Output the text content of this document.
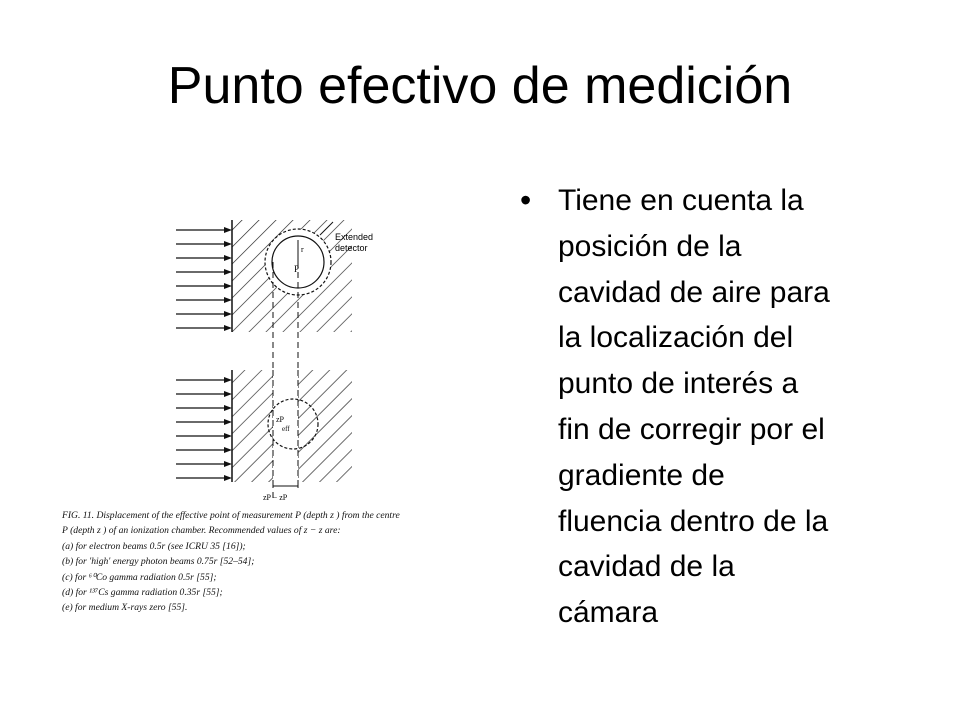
Punto efectivo de medición
Extended
detector
r
P
zP
eff
zP − zP
FIG. 11. Displacement of the effective point of measurement P (depth z ) from the centre
P (depth z ) of an ionization chamber. Recommended values of z − z are:
(a) for electron beams 0.5r (see ICRU 35 [16]);
(b) for 'high' energy photon beams 0.75r [52–54];
(c) for ⁶⁰Co gamma radiation 0.5r [55];
(d) for ¹³⁷Cs gamma radiation 0.35r [55];
(e) for medium X-rays zero [55].
• Tiene en cuenta la
posición de la
cavidad de aire para
la localización del
punto de interés a
fin de corregir por el
gradiente de
fluencia dentro de la
cavidad de la
cámara
